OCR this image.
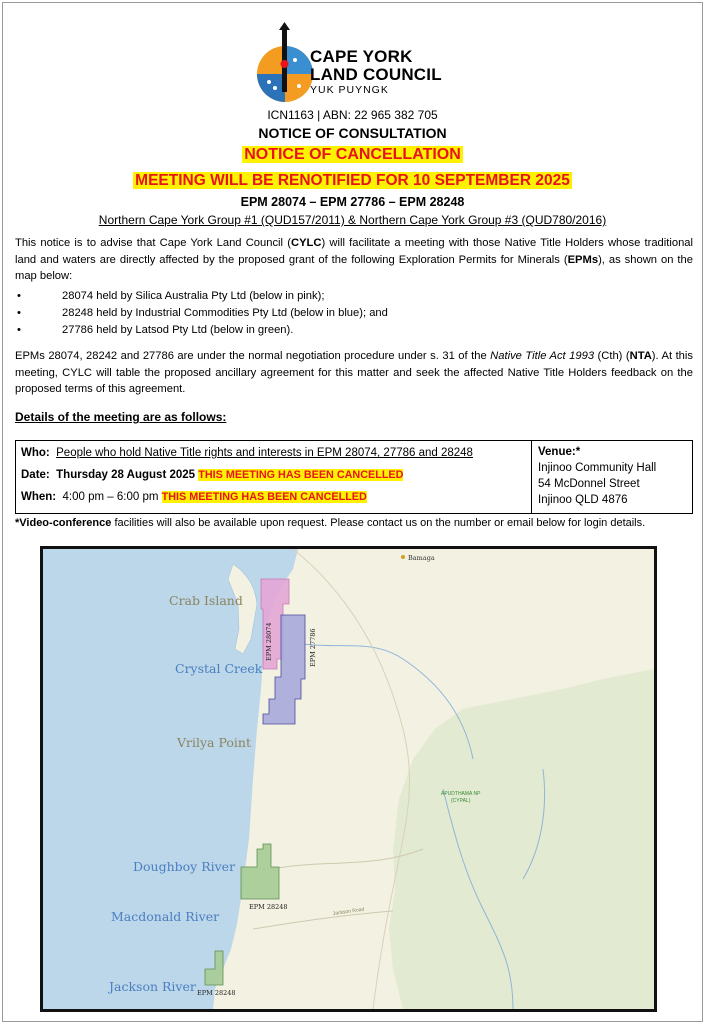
CAPE YORK
LAND COUNCIL
YUK PUYNGK
ICN1163 | ABN: 22 965 382 705
NOTICE OF CONSULTATION
NOTICE OF CANCELLATION
MEETING WILL BE RENOTIFIED FOR 10 SEPTEMBER 2025
EPM 28074 – EPM 27786 – EPM 28248
Northern Cape York Group #1 (QUD157/2011) & Northern Cape York Group #3 (QUD780/2016)
This notice is to advise that Cape York Land Council (CYLC) will facilitate a meeting with those Native Title Holders whose traditional land and waters are directly affected by the proposed grant of the following Exploration Permits for Minerals (EPMs), as shown on the map below:
• 28074 held by Silica Australia Pty Ltd (below in pink);
• 28248 held by Industrial Commodities Pty Ltd (below in blue); and
• 27786 held by Latsod Pty Ltd (below in green).
EPMs 28074, 28242 and 27786 are under the normal negotiation procedure under s. 31 of the Native Title Act 1993 (Cth) (NTA). At this meeting, CYLC will table the proposed ancillary agreement for this matter and seek the affected Native Title Holders feedback on the proposed terms of this agreement.
Details of the meeting are as follows:
Who: People who hold Native Title rights and interests in EPM 28074, 27786 and 28248
Date: Thursday 28 August 2025 THIS MEETING HAS BEEN CANCELLED
When: 4:00 pm – 6:00 pm THIS MEETING HAS BEEN CANCELLED

Venue:*
Injinoo Community Hall
54 McDonnel Street
Injinoo QLD 4876
*Video-conference facilities will also be available upon request. Please contact us on the number or email below for login details.
Bamaga
Crab Island
Crystal Creek
Vrilya Point
Doughboy River
Macdonald River
Jackson River
APUDTHAMA NP
(CYPAL)
Jackson Road
EPM 28074	EPM 27786
EPM 28248
EPM 28248
